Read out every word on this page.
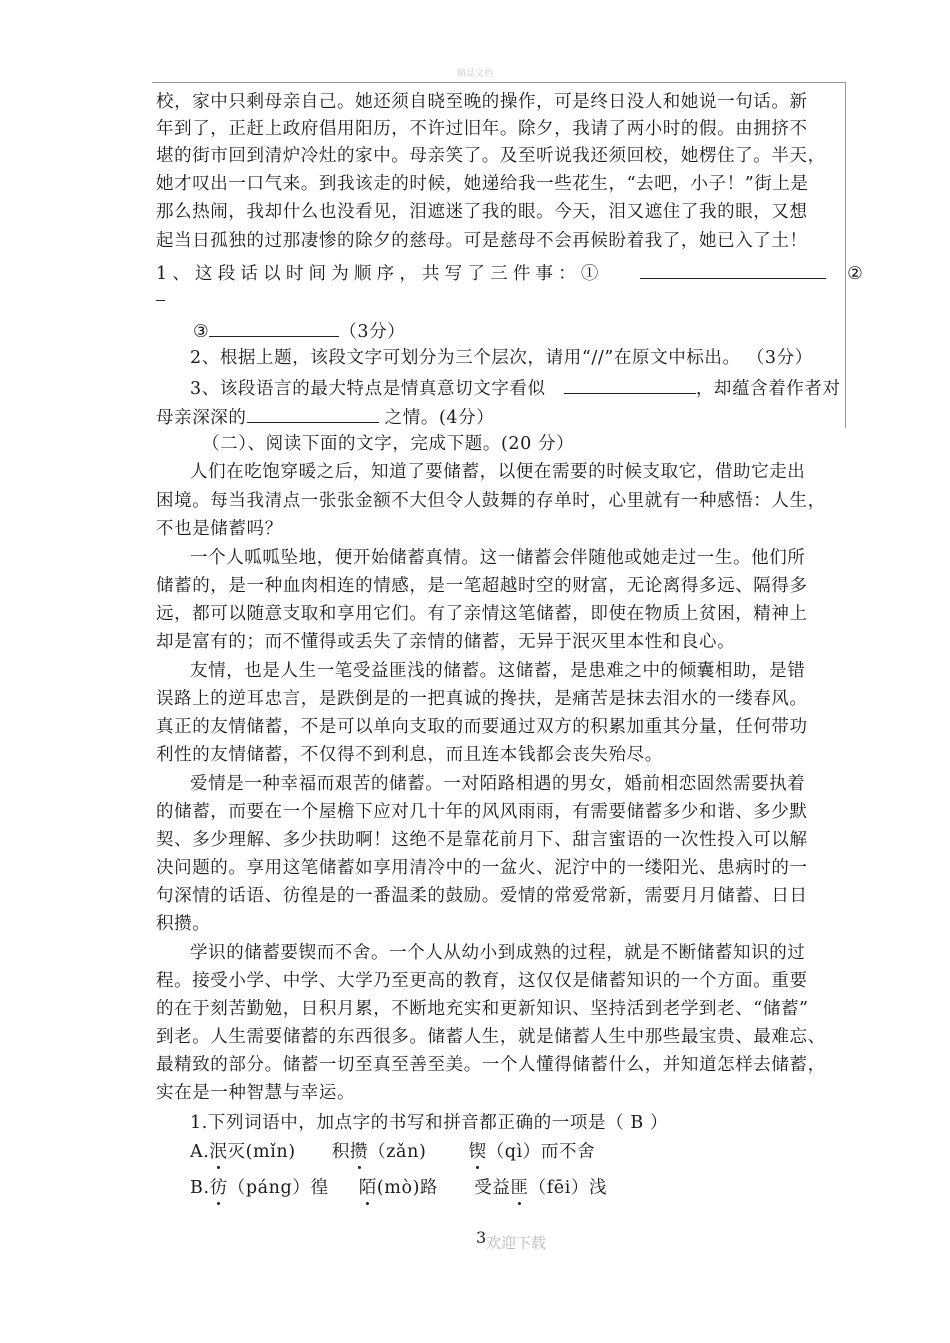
精品文档
校，家中只剩母亲自己。她还须自晓至晚的操作，可是终日没人和她说一句话。新
年到了，正赶上政府倡用阳历，不许过旧年。除夕，我请了两小时的假。由拥挤不
堪的街市回到清炉冷灶的家中。母亲笑了。及至听说我还须回校，她楞住了。半天，
她才叹出一口气来。到我该走的时候，她递给我一些花生，“去吧，小子！”街上是
那么热闹，我却什么也没看见，泪遮迷了我的眼。今天，泪又遮住了我的眼，又想
起当日孤独的过那凄惨的除夕的慈母。可是慈母不会再候盼着我了，她已入了土！
1、这段话以时间为顺序，共写了三件事：①	②
③	（3分）
2、根据上题，该段文字可划分为三个层次，请用“//”在原文中标出。 （3分）
3、该段语言的最大特点是情真意切文字看似	，却蕴含着作者对
母亲深深的	之情。(4分）
（二）、阅读下面的文字，完成下题。(20 分）
人们在吃饱穿暖之后，知道了要储蓄，以便在需要的时候支取它，借助它走出
困境。每当我清点一张张金额不大但令人鼓舞的存单时，心里就有一种感悟：人生，
不也是储蓄吗？
一个人呱呱坠地，便开始储蓄真情。这一储蓄会伴随他或她走过一生。他们所
储蓄的，是一种血肉相连的情感，是一笔超越时空的财富，无论离得多远、隔得多
远，都可以随意支取和享用它们。有了亲情这笔储蓄，即使在物质上贫困，精神上
却是富有的；而不懂得或丢失了亲情的储蓄，无异于泯灭里本性和良心。
友情，也是人生一笔受益匪浅的储蓄。这储蓄，是患难之中的倾囊相助，是错
误路上的逆耳忠言，是跌倒是的一把真诚的搀扶，是痛苦是抹去泪水的一缕春风。
真正的友情储蓄，不是可以单向支取的而要通过双方的积累加重其分量，任何带功
利性的友情储蓄，不仅得不到利息，而且连本钱都会丧失殆尽。
爱情是一种幸福而艰苦的储蓄。一对陌路相遇的男女，婚前相恋固然需要执着
的储蓄，而要在一个屋檐下应对几十年的风风雨雨，有需要储蓄多少和谐、多少默
契、多少理解、多少扶助啊！这绝不是靠花前月下、甜言蜜语的一次性投入可以解
决问题的。享用这笔储蓄如享用清冷中的一盆火、泥泞中的一缕阳光、患病时的一
句深情的话语、彷徨是的一番温柔的鼓励。爱情的常爱常新，需要月月储蓄、日日
积攒。
学识的储蓄要锲而不舍。一个人从幼小到成熟的过程，就是不断储蓄知识的过
程。接受小学、中学、大学乃至更高的教育，这仅仅是储蓄知识的一个方面。重要
的在于刻苦勤勉，日积月累，不断地充实和更新知识、坚持活到老学到老、“储蓄”
到老。人生需要储蓄的东西很多。储蓄人生，就是储蓄人生中那些最宝贵、最难忘、
最精致的部分。储蓄一切至真至善至美。一个人懂得储蓄什么，并知道怎样去储蓄，
实在是一种智慧与幸运。
1.下列词语中，加点字的书写和拼音都正确的一项是（ B ）
A.泯灭(mǐn) 积攒（zǎn) 锲（qì）而不舍
B.彷（páng）徨 陌(mò)路 受益匪（fēi）浅
3 欢迎下载
